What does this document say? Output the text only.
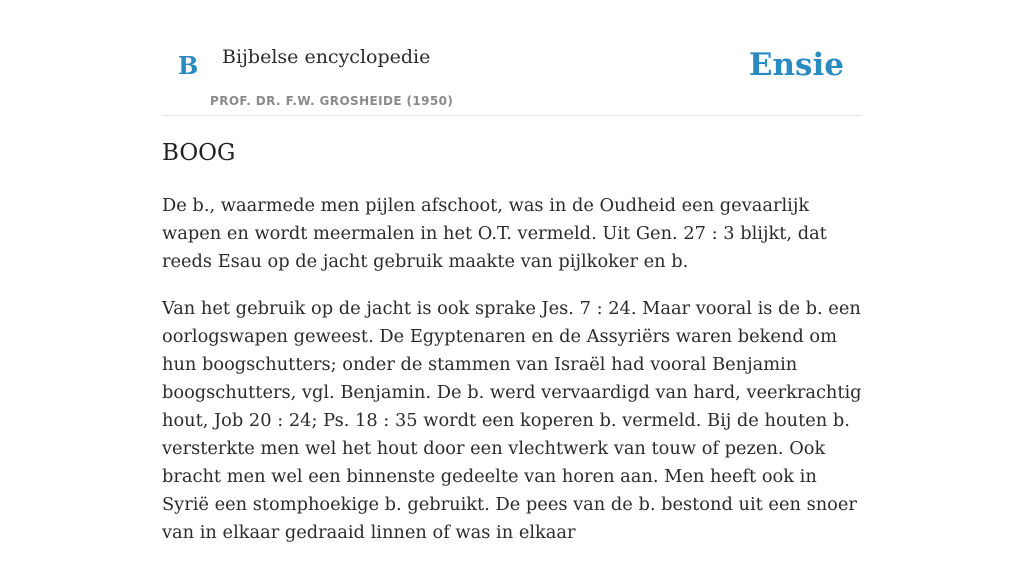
B Bijbelse encyclopedie
PROF. DR. F.W. GROSHEIDE (1950)
Ensie
BOOG

De b., waarmede men pijlen afschoot, was in de Oudheid een gevaarlijk wapen en wordt meermalen in het O.T. vermeld. Uit Gen. 27 : 3 blijkt, dat reeds Esau op de jacht gebruik maakte van pijlkoker en b.

Van het gebruik op de jacht is ook sprake Jes. 7 : 24. Maar vooral is de b. een oorlogswapen geweest. De Egyptenaren en de Assyriërs waren bekend om hun boogschutters; onder de stammen van Israël had vooral Benjamin boogschutters, vgl. Benjamin. De b. werd vervaardigd van hard, veerkrachtig hout, Job 20 : 24; Ps. 18 : 35 wordt een koperen b. vermeld. Bij de houten b. versterkte men wel het hout door een vlechtwerk van touw of pezen. Ook bracht men wel een binnenste gedeelte van horen aan. Men heeft ook in Syrië een stomphoekige b. gebruikt. De pees van de b. bestond uit een snoer van in elkaar gedraaid linnen of was in elkaar
